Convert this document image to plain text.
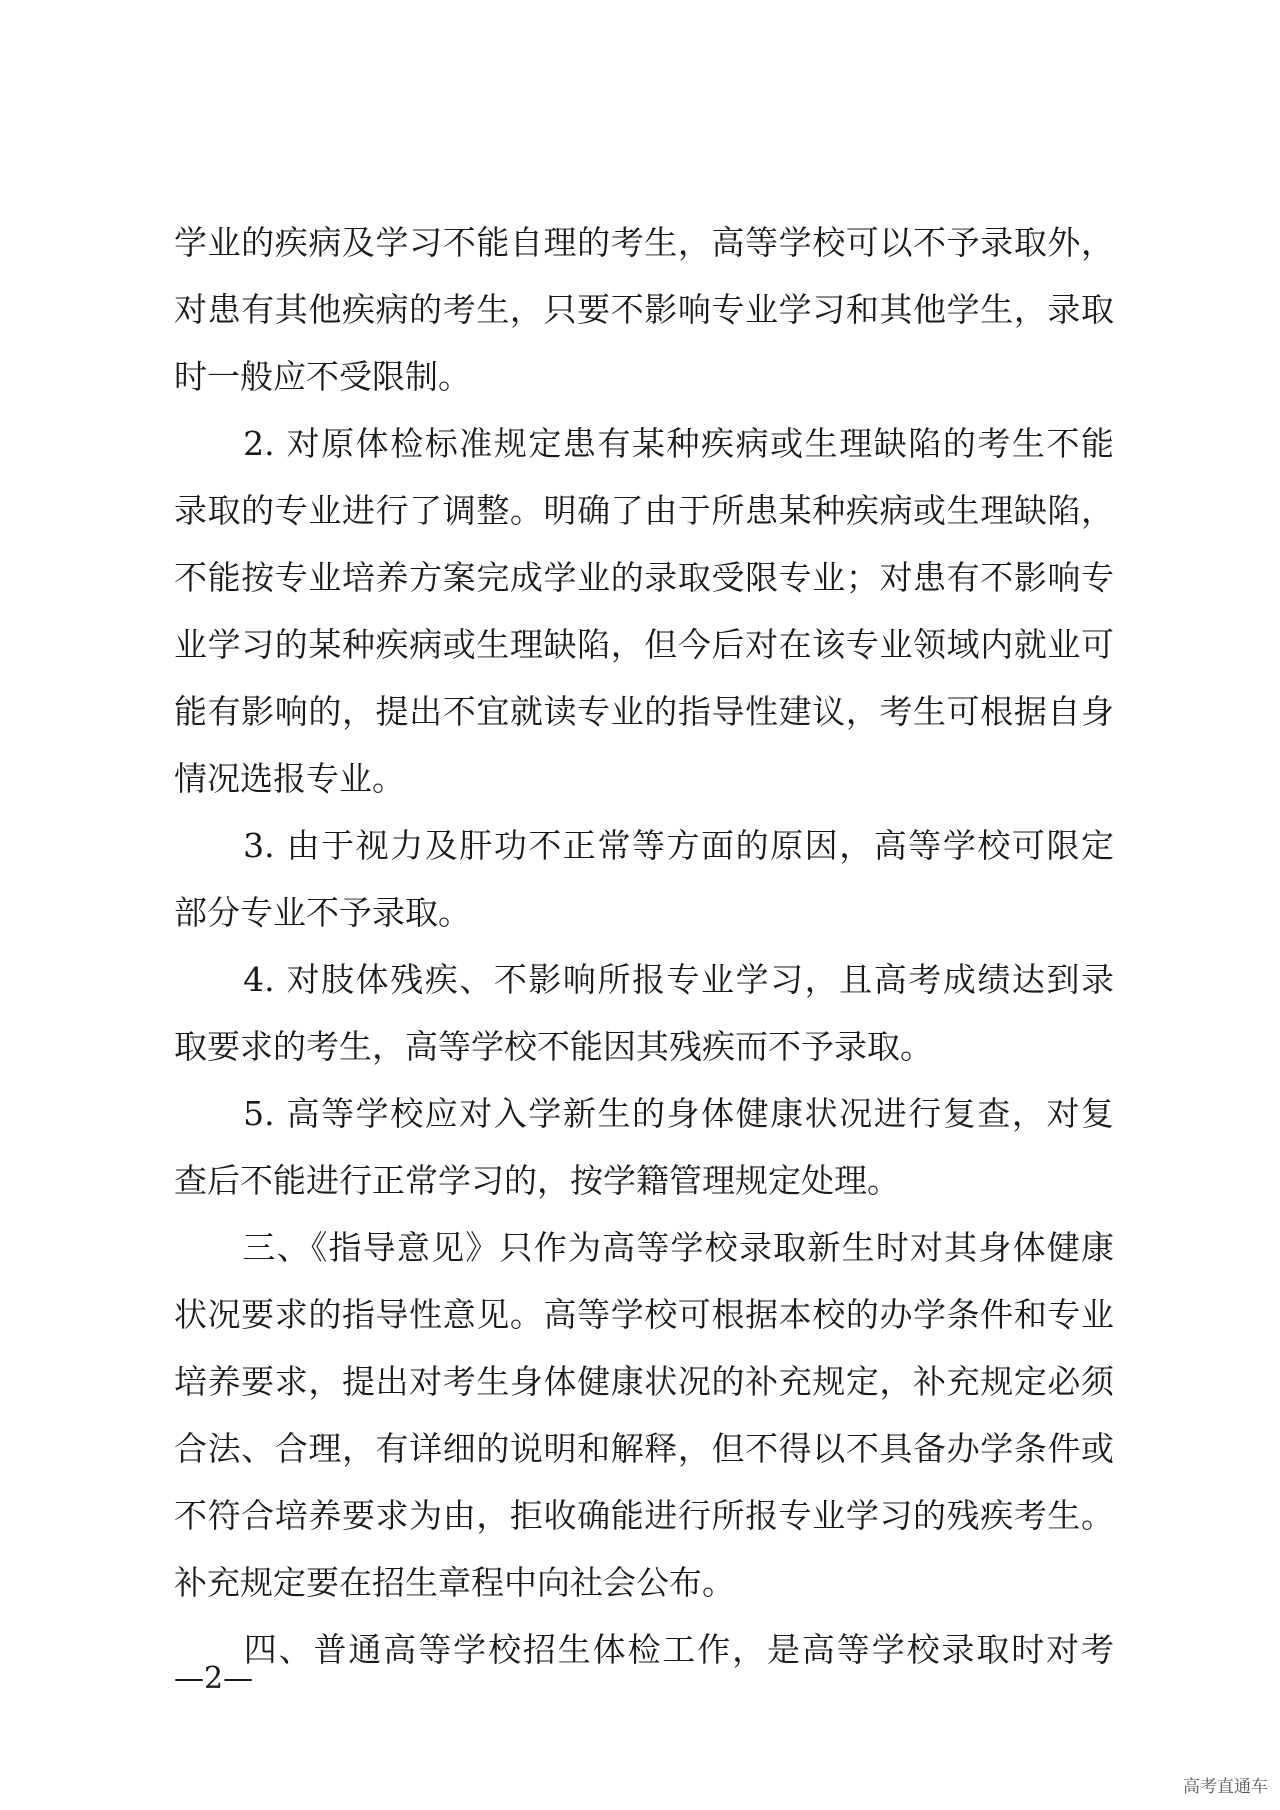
学业的疾病及学习不能自理的考生，高等学校可以不予录取外，
对患有其他疾病的考生，只要不影响专业学习和其他学生，录取
时一般应不受限制。
　　2. 对原体检标准规定患有某种疾病或生理缺陷的考生不能
录取的专业进行了调整。明确了由于所患某种疾病或生理缺陷，
不能按专业培养方案完成学业的录取受限专业；对患有不影响专
业学习的某种疾病或生理缺陷，但今后对在该专业领域内就业可
能有影响的，提出不宜就读专业的指导性建议，考生可根据自身
情况选报专业。
　　3. 由于视力及肝功不正常等方面的原因，高等学校可限定
部分专业不予录取。
　　4. 对肢体残疾、不影响所报专业学习，且高考成绩达到录
取要求的考生，高等学校不能因其残疾而不予录取。
　　5. 高等学校应对入学新生的身体健康状况进行复查，对复
查后不能进行正常学习的，按学籍管理规定处理。
　　三、《指导意见》只作为高等学校录取新生时对其身体健康
状况要求的指导性意见。高等学校可根据本校的办学条件和专业
培养要求，提出对考生身体健康状况的补充规定，补充规定必须
合法、合理，有详细的说明和解释，但不得以不具备办学条件或
不符合培养要求为由，拒收确能进行所报专业学习的残疾考生。
补充规定要在招生章程中向社会公布。
　　四、普通高等学校招生体检工作，是高等学校录取时对考
—2—
高考直通车
